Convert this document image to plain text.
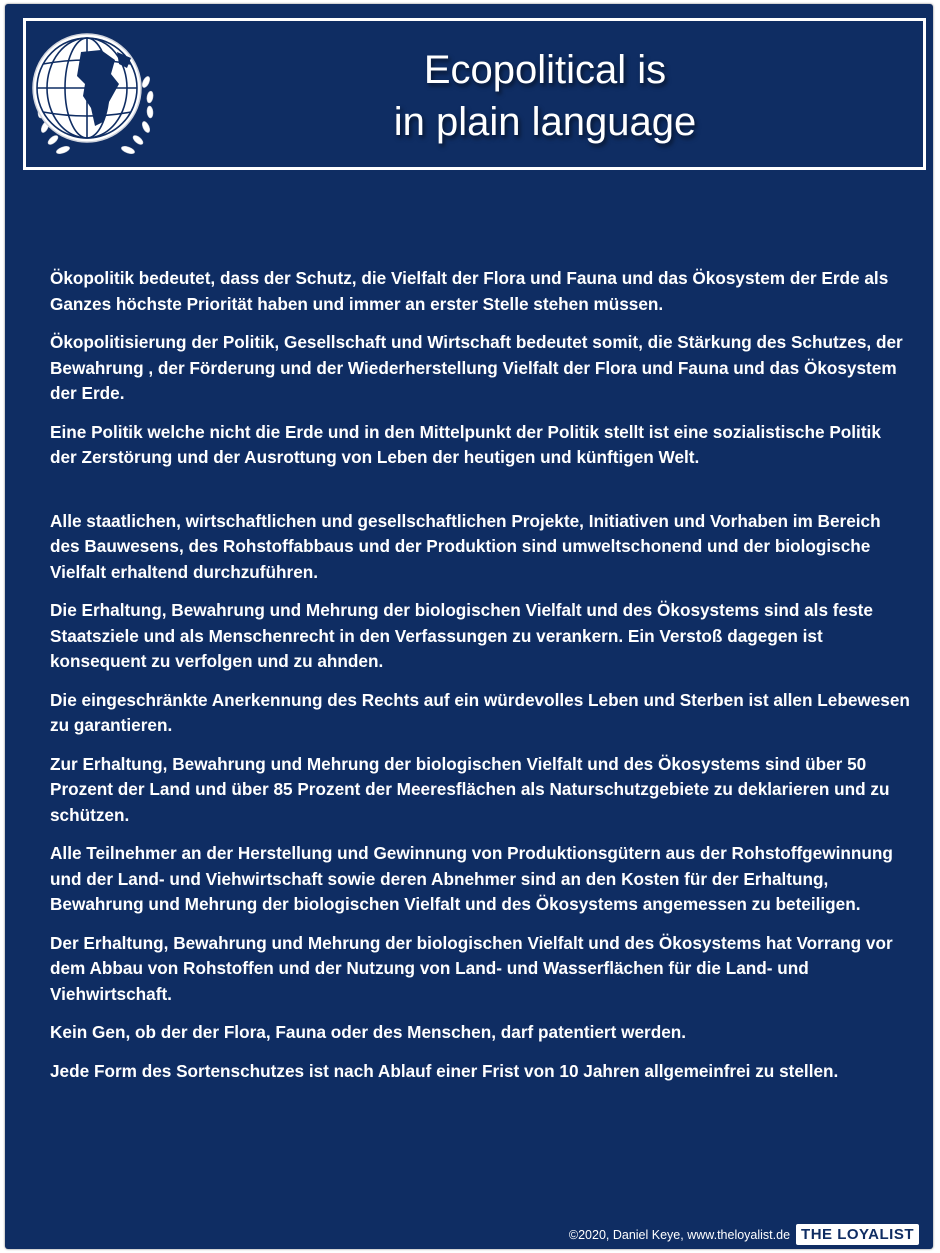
Ecopolitical is
in plain language

Ökopolitik bedeutet, dass der Schutz, die Vielfalt der Flora und Fauna und das Ökosystem der Erde als Ganzes höchste Priorität haben und immer an erster Stelle stehen müssen.

Ökopolitisierung der Politik, Gesellschaft und Wirtschaft bedeutet somit, die Stärkung des Schutzes, der Bewahrung , der Förderung und der Wiederherstellung Vielfalt der Flora und Fauna und das Ökosystem der Erde.

Eine Politik welche nicht die Erde und in den Mittelpunkt der Politik stellt ist eine sozialistische Politik der Zerstörung und der Ausrottung von Leben der heutigen und künftigen Welt.

Alle staatlichen, wirtschaftlichen und gesellschaftlichen Projekte, Initiativen und Vorhaben im Bereich des Bauwesens, des Rohstoffabbaus und der Produktion sind umweltschonend und der biologische Vielfalt erhaltend durchzuführen.

Die Erhaltung, Bewahrung und Mehrung der biologischen Vielfalt und des Ökosystems sind als feste Staatsziele und als Menschenrecht in den Verfassungen zu verankern. Ein Verstoß dagegen ist konsequent zu verfolgen und zu ahnden.

Die eingeschränkte Anerkennung des Rechts auf ein würdevolles Leben und Sterben ist allen Lebewesen zu garantieren.

Zur Erhaltung, Bewahrung und Mehrung der biologischen Vielfalt und des Ökosystems sind über 50 Prozent der Land und über 85 Prozent der Meeresflächen als Naturschutzgebiete zu deklarieren und zu schützen.

Alle Teilnehmer an der Herstellung und Gewinnung von Produktionsgütern aus der Rohstoffgewinnung und der Land- und Viehwirtschaft sowie deren Abnehmer sind an den Kosten für der Erhaltung, Bewahrung und Mehrung der biologischen Vielfalt und des Ökosystems angemessen zu beteiligen.

Der Erhaltung, Bewahrung und Mehrung der biologischen Vielfalt und des Ökosystems hat Vorrang vor dem Abbau von Rohstoffen und der Nutzung von Land- und Wasserflächen für die Land- und Viehwirtschaft.

Kein Gen, ob der der Flora, Fauna oder des Menschen, darf patentiert werden.

Jede Form des Sortenschutzes ist nach Ablauf einer Frist von 10 Jahren allgemeinfrei zu stellen.

©2020, Daniel Keye, www.theloyalist.de THE LOYALIST
